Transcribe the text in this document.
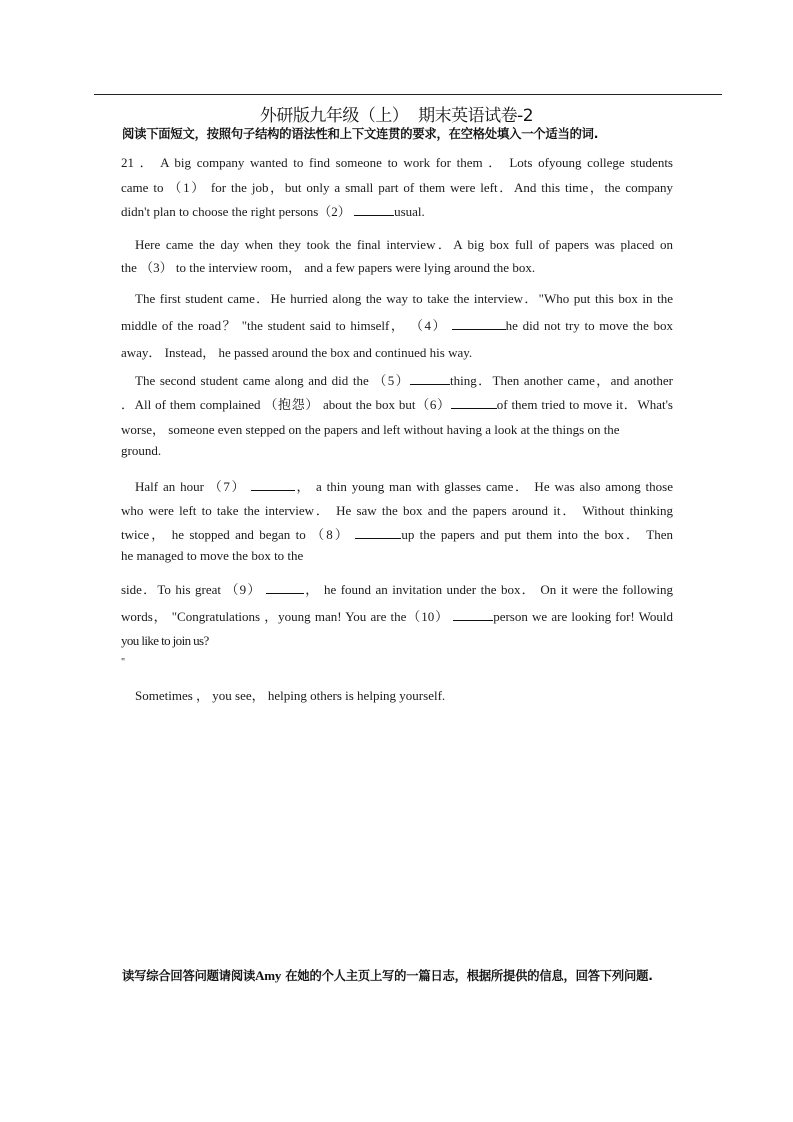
外研版九年级（上）  期末英语试卷-2
阅读下面短文，按照句子结构的语法性和上下文连贯的要求，在空格处填入一个适当的词.
21 ． A big company wanted to find someone to work for them ． Lots ofyoung college students
came to （1） for the job，but only a small part of them were left．And this time，the company
didn't plan to choose the right persons（2）	usual.
Here came the day when they took the final interview．A big box full of papers was placed on
the （3） to the interview room， and a few papers were lying around the box.
The first student came．He hurried along the way to take the interview．"Who put this box in the
middle of the road？ "the student said to himself， （4）	he did not try to move the box
away． Instead， he passed around the box and continued his way.
The second student came along and did the （5）	thing．Then another came，and another
．All of them complained （抱怨） about the box but（6）	of them tried to move it．What's
worse， someone even stepped on the papers and left without having a look at the things on the
ground.
Half an hour （7）	， a thin young man with glasses came． He was also among those
who were left to take the interview． He saw the box and the papers around it． Without thinking
twice， he stopped and began to （8）	up the papers and put them into the box． Then
he managed to move the box to the
side．To his great （9）	， he found an invitation under the box． On it were the following
words， "Congratulations ，young man! You are the（10）	person we are looking for! Would
you like to join us?
"
Sometimes ， you see， helping others is helping yourself.
读写综合回答问题请阅读Amy 在她的个人主页上写的一篇日志，根据所提供的信息，回答下列问题.
